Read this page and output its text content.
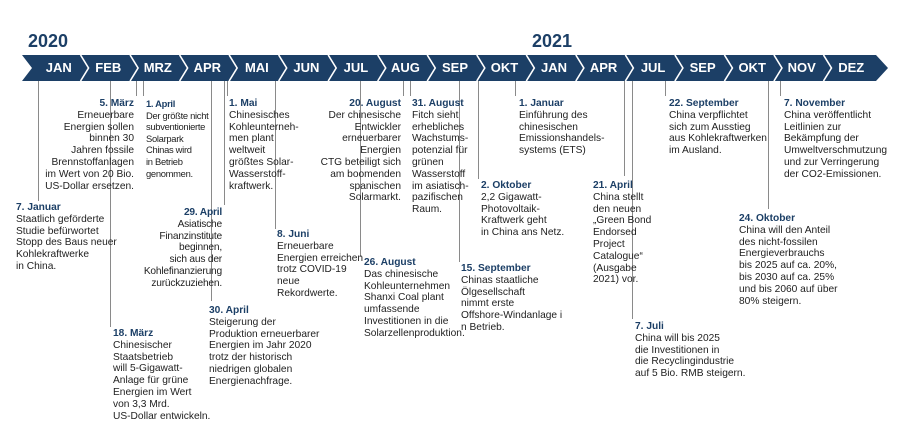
2020	2021
JAN	FEB	MRZ	APR	MAI	JUN	JUL	AUG	SEP	OKT	JAN	APR	JUL	SEP	OKT	NOV	DEZ
5. März
Erneuerbare
Energien sollen
binnen 30
Jahren fossile
Brennstoffanlagen
im Wert von 20 Bio.
US-Dollar ersetzen.
7. Januar
Staatlich geförderte
Studie befürwortet
Stopp des Baus neuer
Kohlekraftwerke
in China.
18. März
Chinesischer
Staatsbetrieb
will 5-Gigawatt-
Anlage für grüne
Energien im Wert
von 3,3 Mrd.
US-Dollar entwickeln.
1. April
Der größte nicht
subventionierte
Solarpark
Chinas wird
in Betrieb
genommen.
29. April
Asiatische
Finanzinstitute
beginnen,
sich aus der
Kohlefinanzierung
zurückzuziehen.
30. April
Steigerung der
Produktion erneuerbarer
Energien im Jahr 2020
trotz der historisch
niedrigen globalen
Energienachfrage.
1. Mai
Chinesisches
Kohleunterneh-
men plant
weltweit
größtes Solar-
Wasserstoff-
kraftwerk.
8. Juni
Erneuerbare
Energien erreichen
trotz COVID-19
neue
Rekordwerte.
20. August
Der chinesische
Entwickler
erneuerbarer
Energien
CTG beteiligt sich
am boomenden
spanischen
Solarmarkt.
26. August
Das chinesische
Kohleunternehmen
Shanxi Coal plant
umfassende
Investitionen in die
Solarzellenproduktion.
31. August
Fitch sieht
erhebliches
Wachstums-
potenzial für
grünen
Wasserstoff
im asiatisch-
pazifischen
Raum.
2. Oktober
2,2 Gigawatt-
Photovoltaik-
Kraftwerk geht
in China ans Netz.
15. September
Chinas staatliche
Ölgesellschaft
nimmt erste
Offshore-Windanlage i
n Betrieb.
1. Januar
Einführung des
chinesischen
Emissionshandels-
systems (ETS)
21. April
China stellt
den neuen
„Green Bond
Endorsed
Project
Catalogue“
(Ausgabe
2021) vor.
7. Juli
China will bis 2025
die Investitionen in
die Recyclingindustrie
auf 5 Bio. RMB steigern.
22. September
China verpflichtet
sich zum Ausstieg
aus Kohlekraftwerken
im Ausland.
24. Oktober
China will den Anteil
des nicht-fossilen
Energieverbrauchs
bis 2025 auf ca. 20%,
bis 2030 auf ca. 25%
und bis 2060 auf über
80% steigern.
7. November
China veröffentlicht
Leitlinien zur
Bekämpfung der
Umweltverschmutzung
und zur Verringerung
der CO2-Emissionen.
